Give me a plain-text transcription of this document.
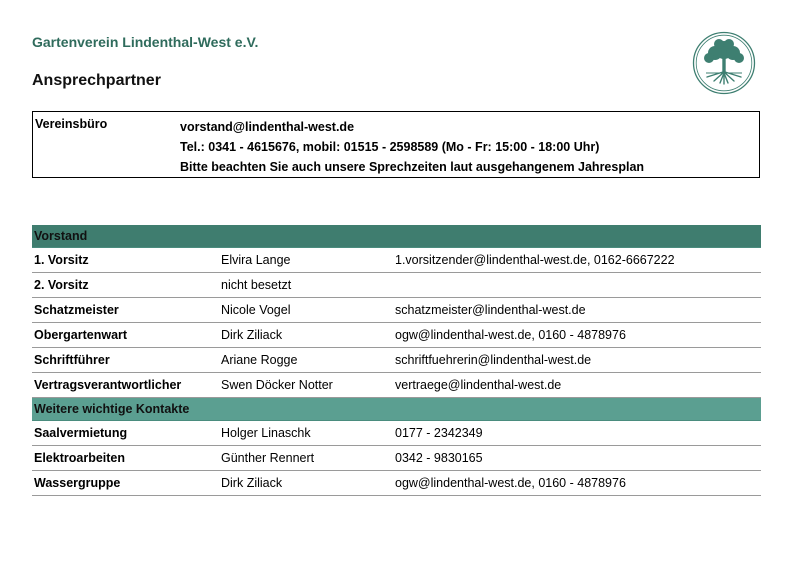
Gartenverein Lindenthal-West e.V.
Ansprechpartner
Vereinsbüro	vorstand@lindenthal-west.de
Tel.: 0341 - 4615676, mobil: 01515 - 2598589 (Mo - Fr: 15:00 - 18:00 Uhr)
Bitte beachten Sie auch unsere Sprechzeiten laut ausgehangenem Jahresplan
Vorstand		
1. Vorsitz	Elvira Lange	1.vorsitzender@lindenthal-west.de, 0162-6667222
2. Vorsitz	nicht besetzt	
Schatzmeister	Nicole Vogel	schatzmeister@lindenthal-west.de
Obergartenwart	Dirk Ziliack	ogw@lindenthal-west.de, 0160 - 4878976
Schriftführer	Ariane Rogge	schriftfuehrerin@lindenthal-west.de
Vertragsverantwortlicher	Swen Döcker Notter	vertraege@lindenthal-west.de
Weitere wichtige Kontakte		
Saalvermietung	Holger Linaschk	0177 - 2342349
Elektroarbeiten	Günther Rennert	0342 - 9830165
Wassergruppe	Dirk Ziliack	ogw@lindenthal-west.de, 0160 - 4878976
